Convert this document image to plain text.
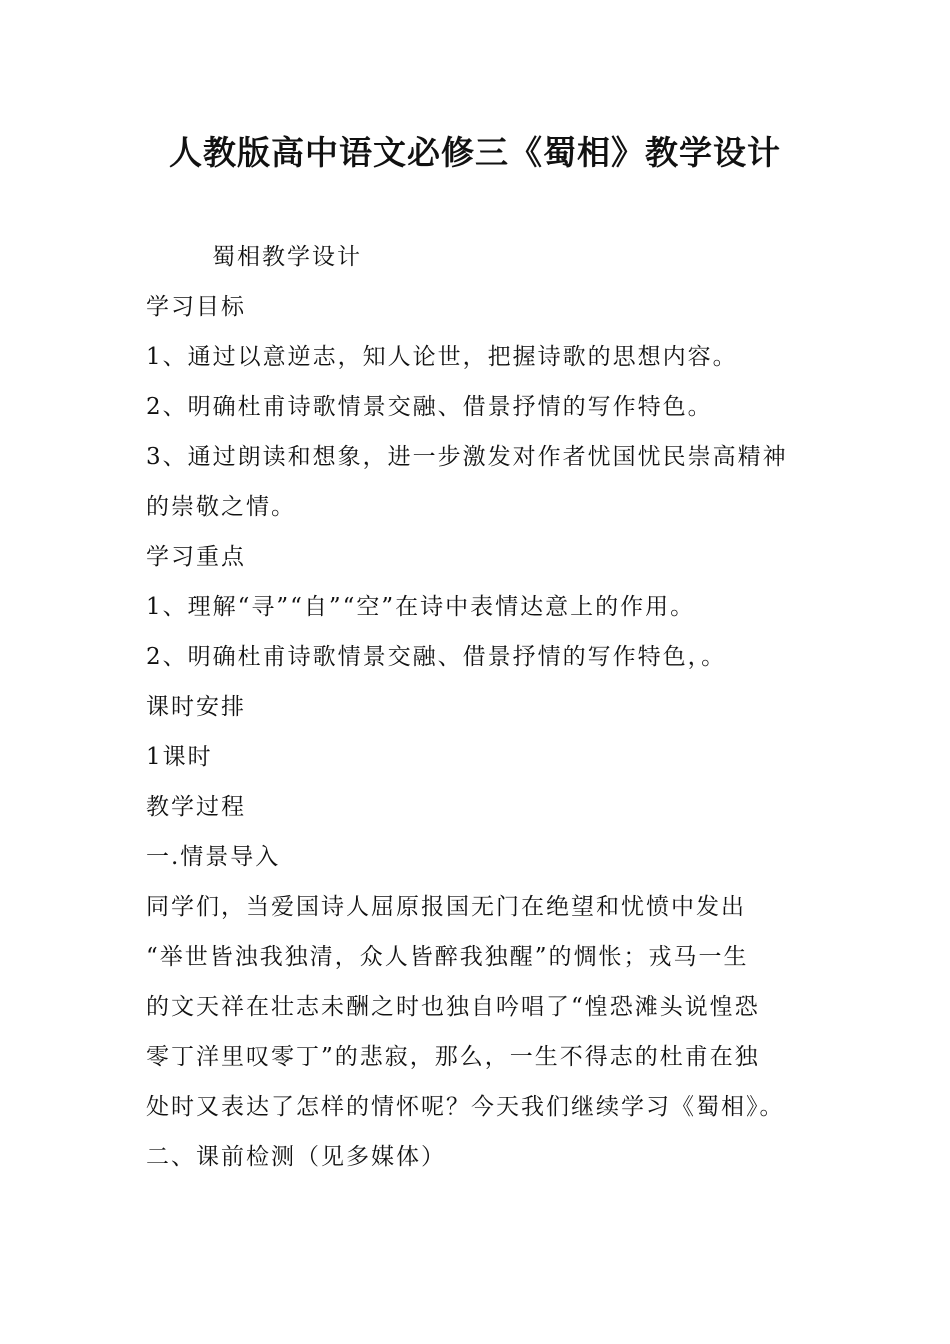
人教版高中语文必修三《蜀相》教学设计
蜀相教学设计
学习目标
1、通过以意逆志，知人论世，把握诗歌的思想内容。
2、明确杜甫诗歌情景交融、借景抒情的写作特色。
3、通过朗读和想象，进一步激发对作者忧国忧民崇高精神
的崇敬之情。
学习重点
1、理解“寻”“自”“空”在诗中表情达意上的作用。
2、明确杜甫诗歌情景交融、借景抒情的写作特色，。
课时安排
1课时
教学过程
一.情景导入
同学们，当爱国诗人屈原报国无门在绝望和忧愤中发出
“举世皆浊我独清，众人皆醉我独醒”的惆怅；戎马一生
的文天祥在壮志未酬之时也独自吟唱了“惶恐滩头说惶恐
零丁洋里叹零丁”的悲寂，那么，一生不得志的杜甫在独
处时又表达了怎样的情怀呢？今天我们继续学习《蜀相》。
二、课前检测（见多媒体）
